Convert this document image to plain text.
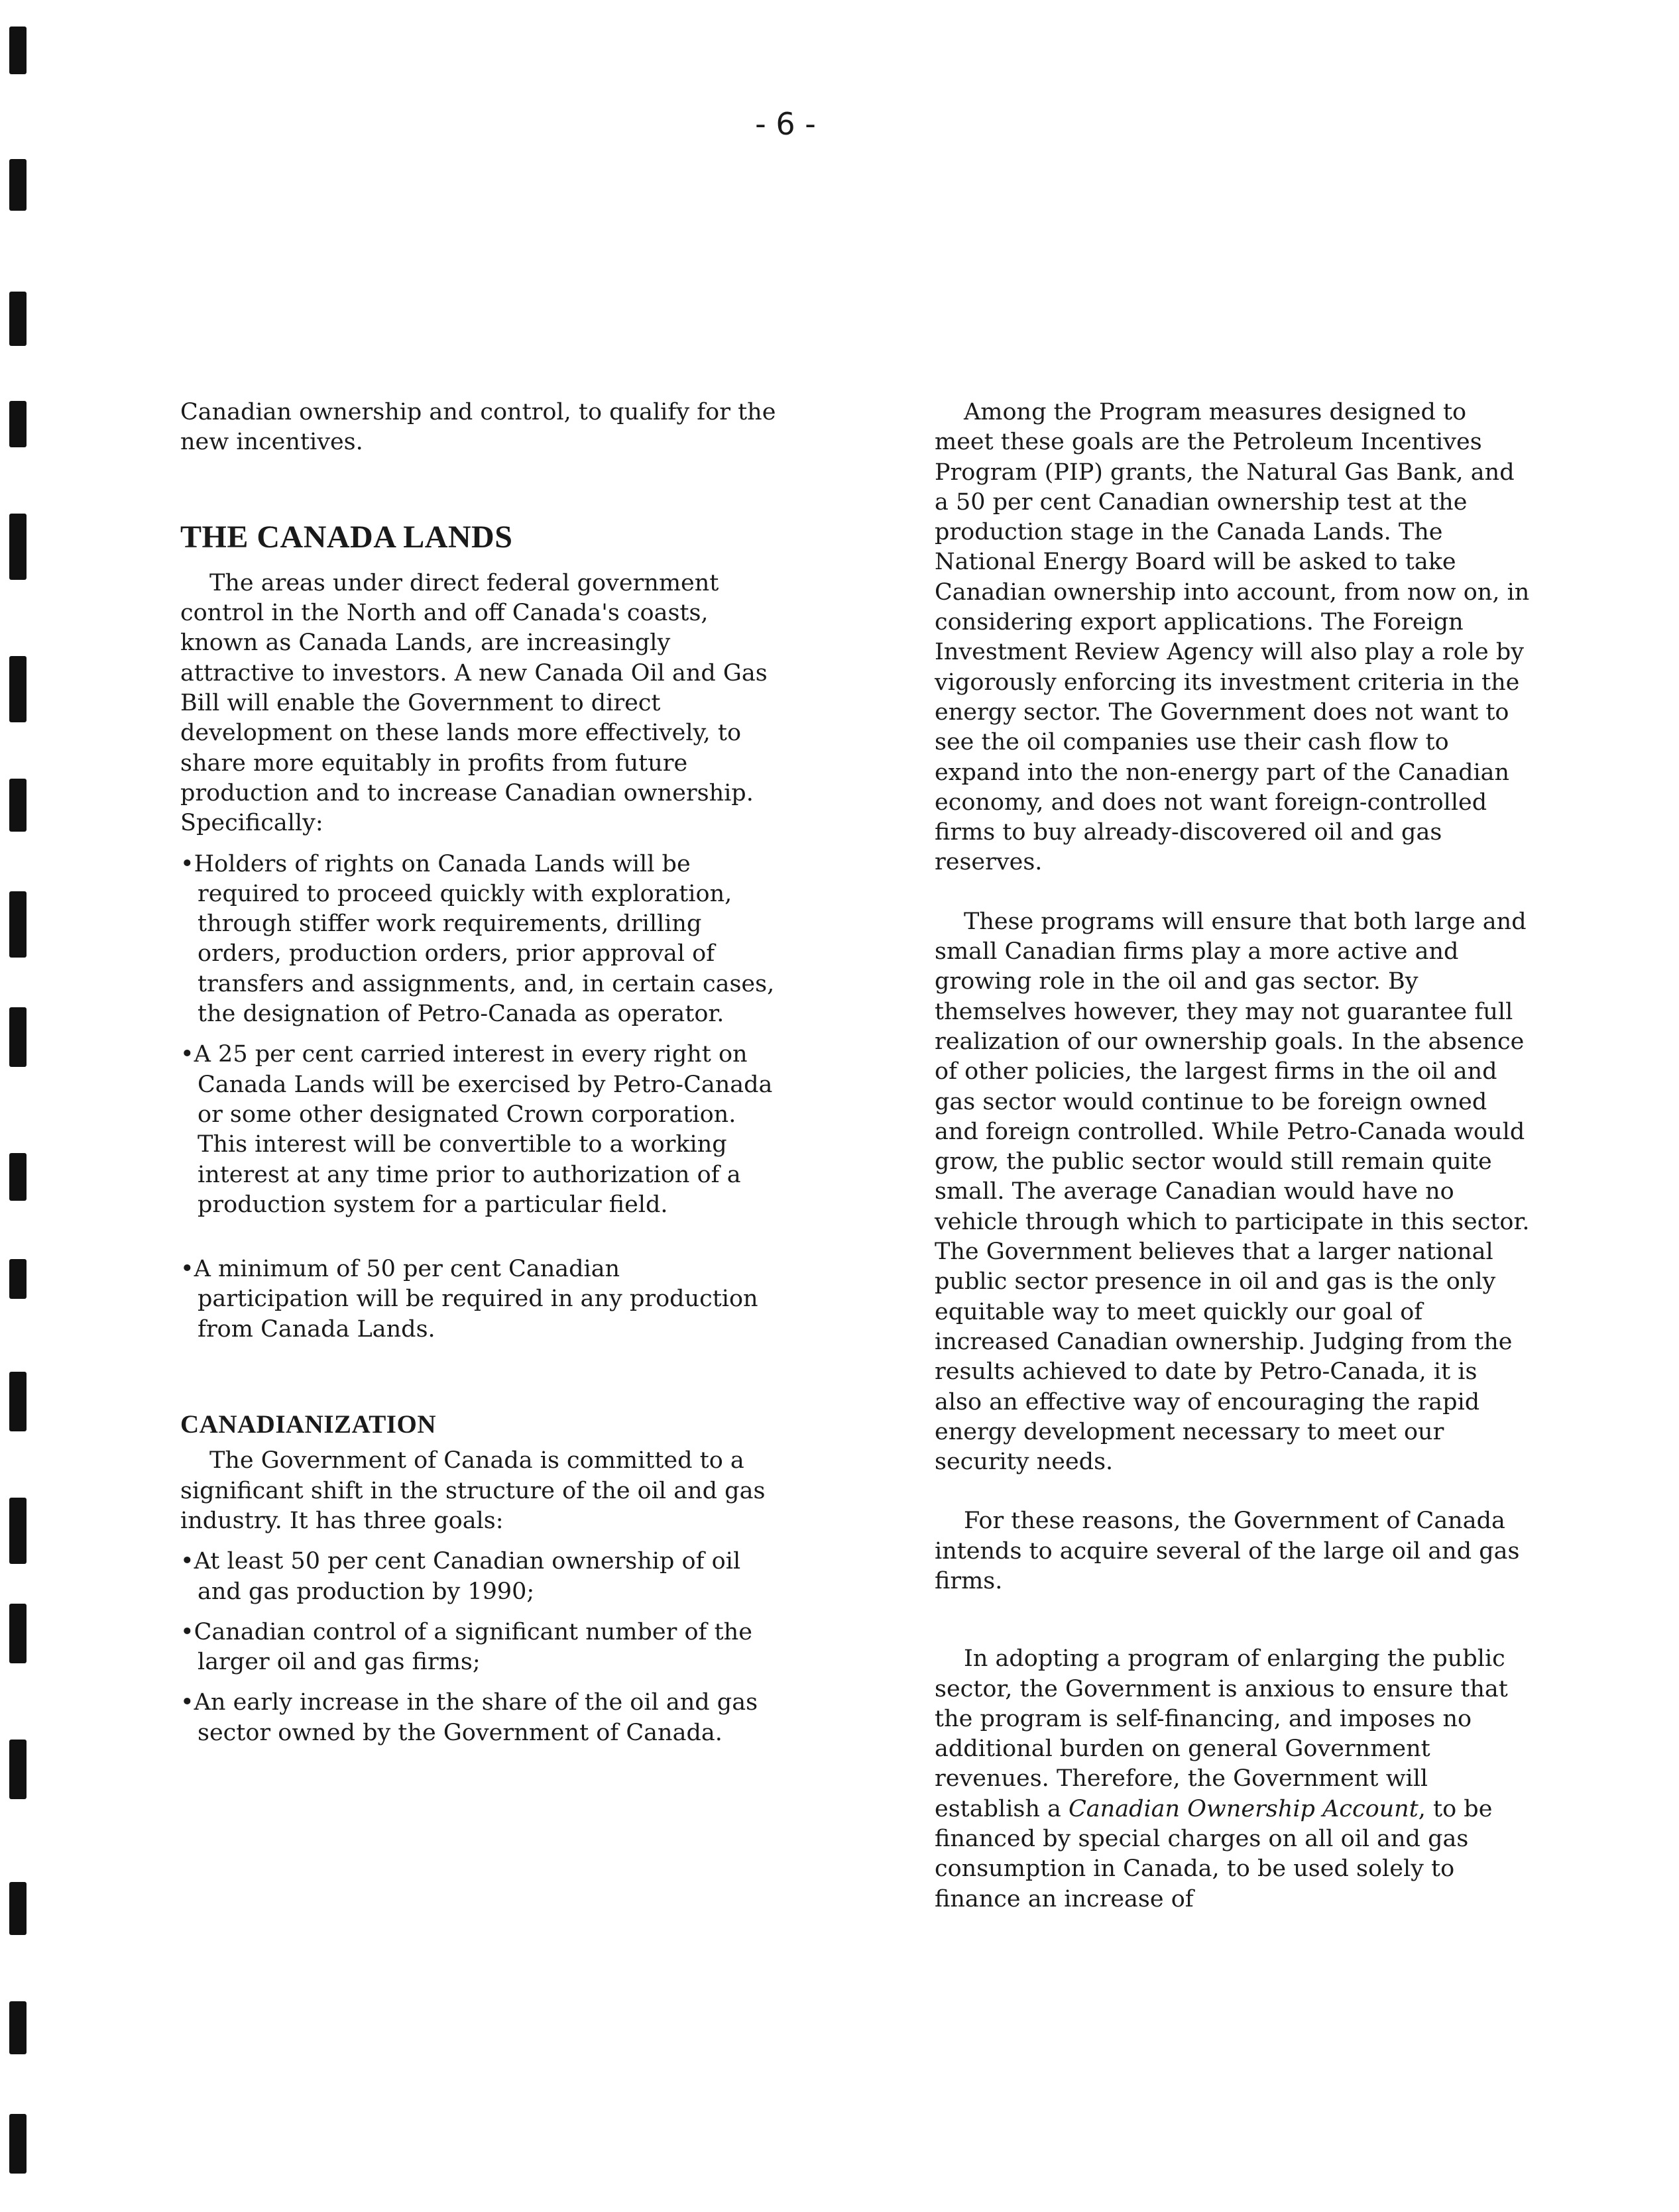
- 6 -

Canadian ownership and control, to qualify for the new incentives.

THE CANADA LANDS

The areas under direct federal government control in the North and off Canada's coasts, known as Canada Lands, are increasingly attractive to investors. A new Canada Oil and Gas Bill will enable the Government to direct development on these lands more effectively, to share more equitably in profits from future production and to increase Canadian ownership. Specifically:

•Holders of rights on Canada Lands will be required to proceed quickly with exploration, through stiffer work requirements, drilling orders, production orders, prior approval of transfers and assignments, and, in certain cases, the designation of Petro-Canada as operator.

•A 25 per cent carried interest in every right on Canada Lands will be exercised by Petro-Canada or some other designated Crown corporation. This interest will be convertible to a working interest at any time prior to authorization of a production system for a particular field.

•A minimum of 50 per cent Canadian participation will be required in any production from Canada Lands.

CANADIANIZATION

The Government of Canada is committed to a significant shift in the structure of the oil and gas industry. It has three goals:

•At least 50 per cent Canadian ownership of oil and gas production by 1990;

•Canadian control of a significant number of the larger oil and gas firms;

•An early increase in the share of the oil and gas sector owned by the Government of Canada.

Among the Program measures designed to meet these goals are the Petroleum Incentives Program (PIP) grants, the Natural Gas Bank, and a 50 per cent Canadian ownership test at the production stage in the Canada Lands. The National Energy Board will be asked to take Canadian ownership into account, from now on, in considering export applications. The Foreign Investment Review Agency will also play a role by vigorously enforcing its investment criteria in the energy sector. The Government does not want to see the oil companies use their cash flow to expand into the non-energy part of the Canadian economy, and does not want foreign-controlled firms to buy already-discovered oil and gas reserves.

These programs will ensure that both large and small Canadian firms play a more active and growing role in the oil and gas sector. By themselves however, they may not guarantee full realization of our ownership goals. In the absence of other policies, the largest firms in the oil and gas sector would continue to be foreign owned and foreign controlled. While Petro-Canada would grow, the public sector would still remain quite small. The average Canadian would have no vehicle through which to participate in this sector. The Government believes that a larger national public sector presence in oil and gas is the only equitable way to meet quickly our goal of increased Canadian ownership. Judging from the results achieved to date by Petro-Canada, it is also an effective way of encouraging the rapid energy development necessary to meet our security needs.

For these reasons, the Government of Canada intends to acquire several of the large oil and gas firms.

In adopting a program of enlarging the public sector, the Government is anxious to ensure that the program is self-financing, and imposes no additional burden on general Government revenues. Therefore, the Government will establish a Canadian Ownership Account, to be financed by special charges on all oil and gas consumption in Canada, to be used solely to finance an increase of
